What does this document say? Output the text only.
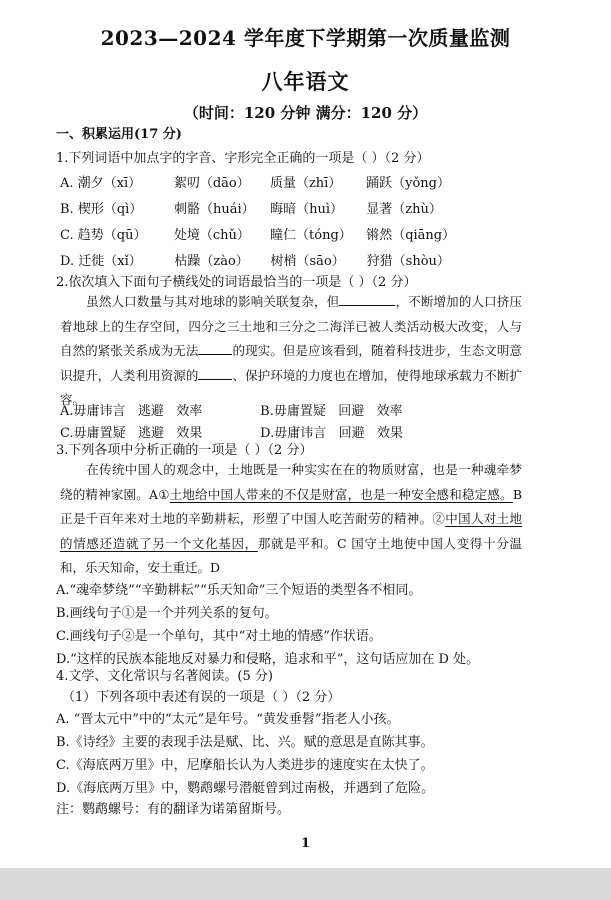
2023—2024 学年度下学期第一次质量监测
八年语文
（时间：120 分钟 满分：120 分）
一、积累运用(17 分)
1.下列词语中加点字的字音、字形完全正确的一项是（ ）（2 分）
A. 潮夕（xī）	絮叨（dāo） 质量（zhī） 踊跃（yǒng）
B. 楔形（qì） 刺骼（huái） 晦暗（huì） 显著（zhù）
C. 趋势（qū） 处境（chǔ） 瞳仁（tóng） 锵然（qiāng）
D. 迁徙（xǐ）	枯躁（zào） 树梢（sāo） 狩猎（shòu）
2.依次填入下面句子横线处的词语最恰当的一项是（ ）（2 分）
虽然人口数量与其对地球的影响关联复杂，但	，不断增加的人口挤压着地球上的生存空间，四分之三土地和三分之二海洋已被人类活动极大改变，人与自然的紧张关系成为无法	的现实。但是应该看到，随着科技进步，生态文明意识提升，人类利用资源的	、保护环境的力度也在增加，使得地球承载力不断扩容。
A.毋庸讳言   逃避   效率	B.毋庸置疑   回避   效率
C.毋庸置疑   逃避   效果	D.毋庸讳言   回避   效果
3.下列各项中分析正确的一项是（ ）（2 分）
在传统中国人的观念中，土地既是一种实实在在的物质财富，也是一种魂牵梦绕的精神家園。A①土地给中国人带来的不仅是财富，也是一种安全感和稳定感。B 正是千百年来对土地的辛勤耕耘，形塑了中国人吃苦耐劳的精神。②中国人对土地的情感还造就了另一个文化基因，那就是平和。C 国守土地使中国人变得十分温和，乐天知命，安土重迁。D
A.“魂牵梦绕”“辛勤耕耘”“乐天知命”三个短语的类型各不相同。
B.画线句子①是一个并列关系的复句。
C.画线句子②是一个单句，其中“对土地的情感”作状语。
D.“这样的民族本能地反对暴力和侵略，追求和平”，这句话应加在 D 处。
4.文学、文化常识与名著阅读。(5 分)
（1）下列各项中表述有误的一项是（ ）（2 分）
A. “晋太元中”中的“太元”是年号。“黄发垂髫”指老人小孩。
B.《诗经》主要的表现手法是赋、比、兴。赋的意思是直陈其事。
C.《海底两万里》中，尼摩船长认为人类进步的速度实在太快了。
D.《海底两万里》中，鹦鹉螺号潜艇曾到过南极，并遇到了危险。
注：鹦鹉螺号：有的翻译为诺第留斯号。
1
